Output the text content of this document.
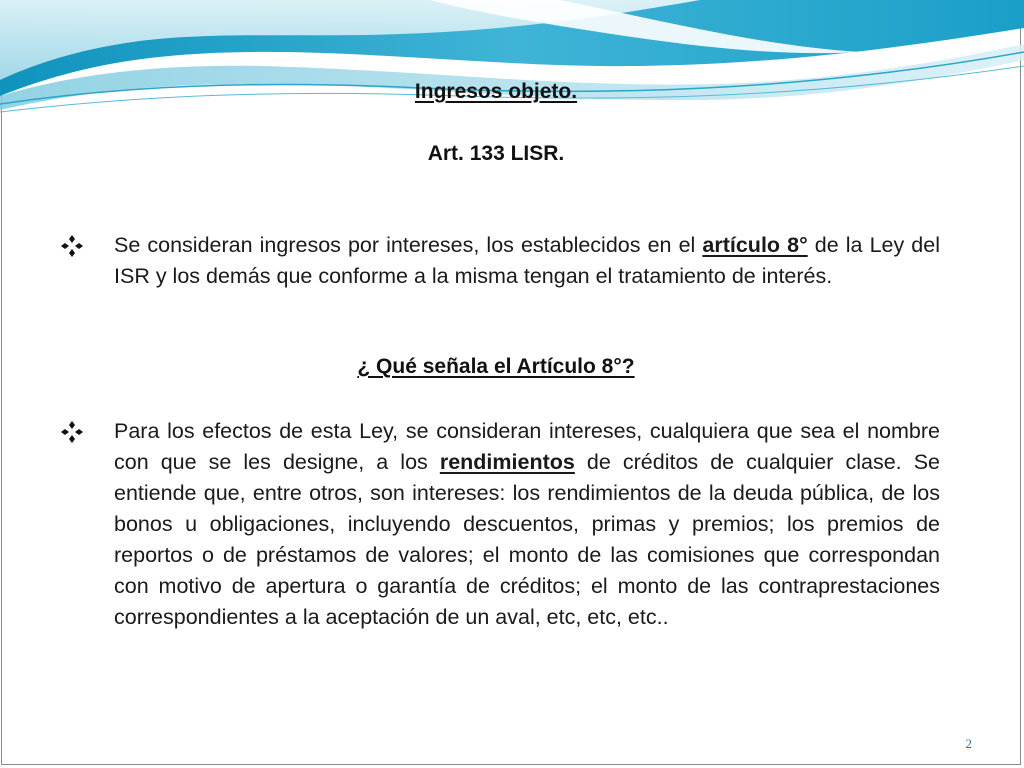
Ingresos objeto.
Art. 133 LISR.

Se consideran ingresos por intereses, los establecidos en el artículo 8° de la Ley del ISR y los demás que conforme a la misma tengan el tratamiento de interés.

¿ Qué señala el Artículo 8°?

Para los efectos de esta Ley, se consideran intereses, cualquiera que sea el nombre con que se les designe, a los rendimientos de créditos de cualquier clase. Se entiende que, entre otros, son intereses: los rendimientos de la deuda pública, de los bonos u obligaciones, incluyendo descuentos, primas y premios; los premios de reportos o de préstamos de valores; el monto de las comisiones que correspondan con motivo de apertura o garantía de créditos; el monto de las contraprestaciones correspondientes a la aceptación de un aval, etc, etc, etc..

2
